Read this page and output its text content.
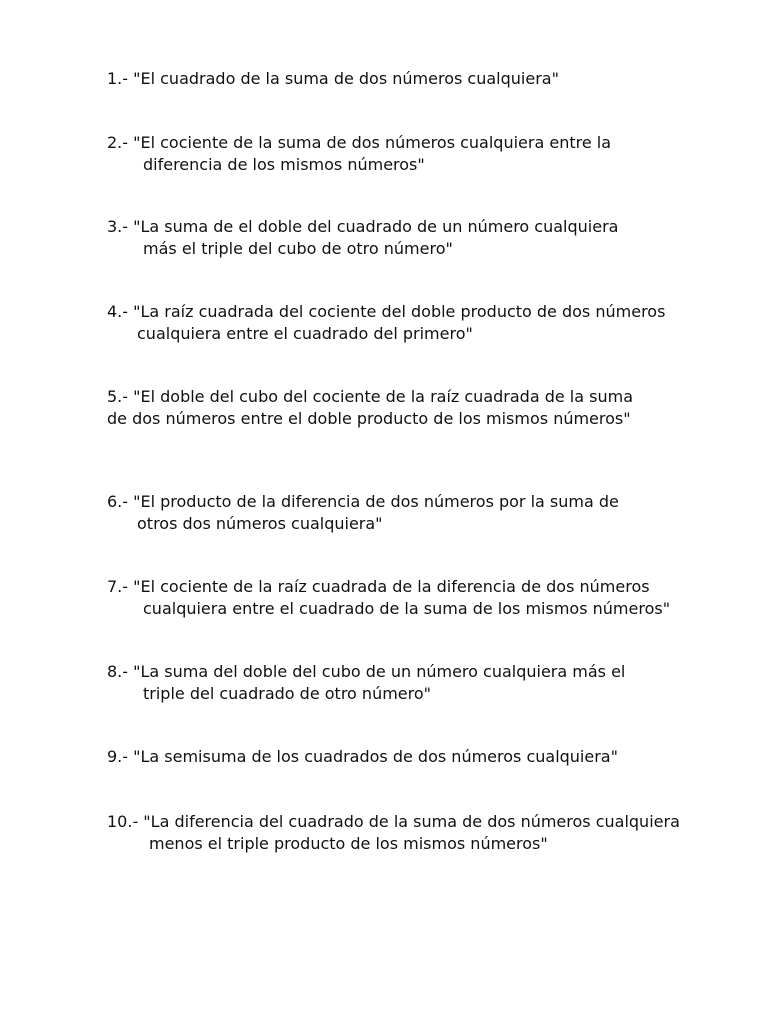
1.- "El cuadrado de la suma de dos números cualquiera"
2.- "El cociente de la suma de dos números cualquiera entre la
diferencia de los mismos números"
3.- "La suma de el doble del cuadrado de un número cualquiera
más el triple del cubo de otro número"
4.- "La raíz cuadrada del cociente del doble producto de dos números
cualquiera entre el cuadrado del primero"
5.- "El doble del cubo del cociente de la raíz cuadrada de la suma
de dos números entre el doble producto de los mismos números"
6.- "El producto de la diferencia de dos números por la suma de
otros dos números cualquiera"
7.- "El cociente de la raíz cuadrada de la diferencia de dos números
cualquiera entre el cuadrado de la suma de los mismos números"
8.- "La suma del doble del cubo de un número cualquiera más el
triple del cuadrado de otro número"
9.- "La semisuma de los cuadrados de dos números cualquiera"
10.- "La diferencia del cuadrado de la suma de dos números cualquiera
menos el triple producto de los mismos números"
